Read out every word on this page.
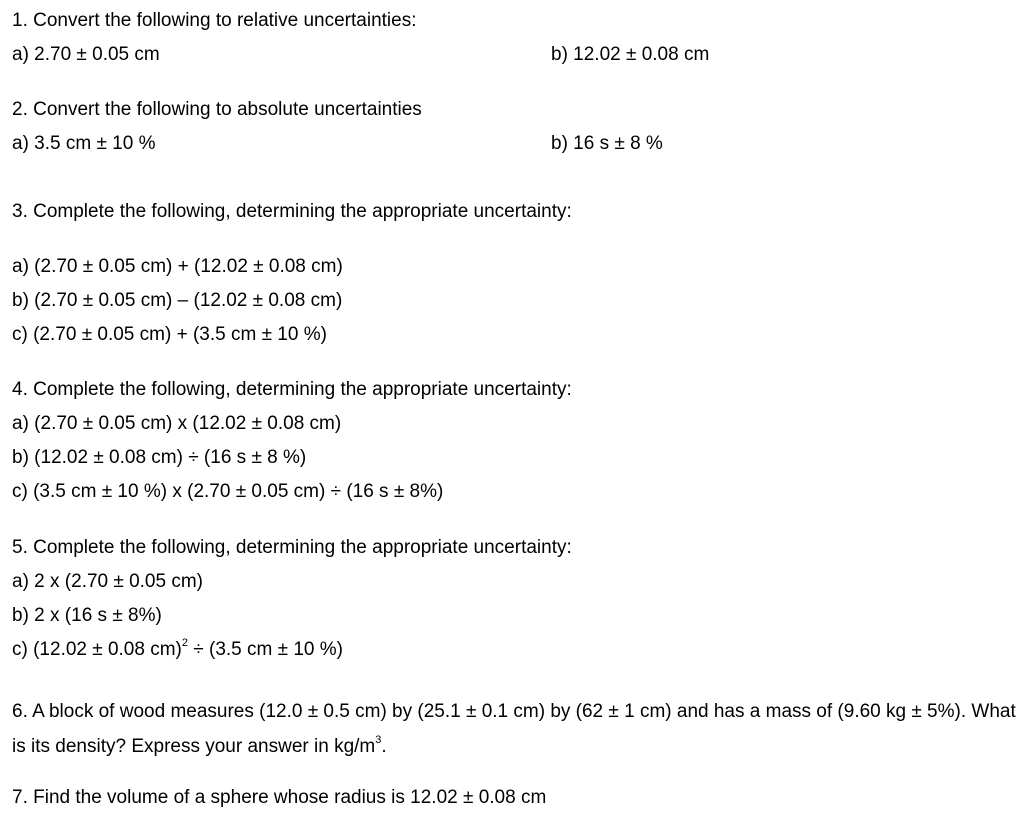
1. Convert the following to relative uncertainties:
a) 2.70 ± 0.05 cm	b) 12.02 ± 0.08 cm
2. Convert the following to absolute uncertainties
a) 3.5 cm ± 10 %	b) 16 s ± 8 %
3. Complete the following, determining the appropriate uncertainty:
a) (2.70 ± 0.05 cm) + (12.02 ± 0.08 cm)
b) (2.70 ± 0.05 cm) – (12.02 ± 0.08 cm)
c) (2.70 ± 0.05 cm) + (3.5 cm ± 10 %)
4. Complete the following, determining the appropriate uncertainty:
a) (2.70 ± 0.05 cm) x (12.02 ± 0.08 cm)
b) (12.02 ± 0.08 cm) ÷ (16 s ± 8 %)
c) (3.5 cm ± 10 %) x (2.70 ± 0.05 cm) ÷ (16 s ± 8%)
5. Complete the following, determining the appropriate uncertainty:
a) 2 x (2.70 ± 0.05 cm)
b) 2 x (16 s ± 8%)
c) (12.02 ± 0.08 cm)$^2$ ÷ (3.5 cm ± 10 %)
6. A block of wood measures (12.0 ± 0.5 cm) by (25.1 ± 0.1 cm) by (62 ± 1 cm) and has a mass of (9.60 kg ± 5%). What is its density? Express your answer in $kg/m^3$.
7. Find the volume of a sphere whose radius is 12.02 ± 0.08 cm
